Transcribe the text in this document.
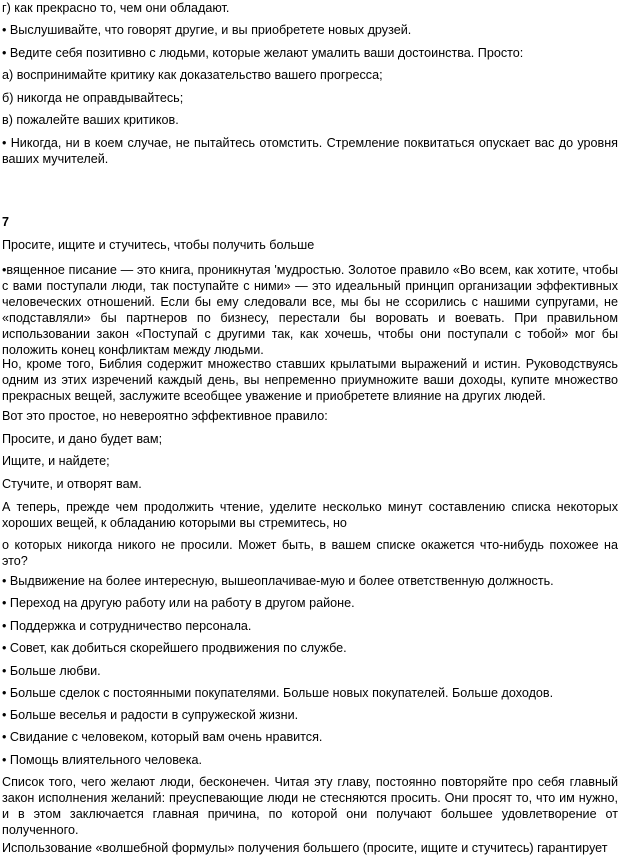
г) как прекрасно то, чем они обладают.

• Выслушивайте, что говорят другие, и вы приобретете новых друзей.

• Ведите себя позитивно с людьми, которые желают умалить ваши достоинства. Просто:

а) воспринимайте критику как доказательство вашего прогресса;

б) никогда не оправдывайтесь;

в) пожалейте ваших критиков.

• Никогда, ни в коем случае, не пытайтесь отомстить. Стремление поквитаться опускает вас до уровня ваших мучителей.

7

Просите, ищите и стучитесь, чтобы получить больше

•вященное писание — это книга, проникнутая 'мудростью. Золотое правило «Во всем, как хотите, чтобы с вами поступали люди, так поступайте с ними» — это идеальный принцип организации эффективных человеческих отношений. Если бы ему следовали все, мы бы не ссорились с нашими супругами, не «подставляли» бы партнеров по бизнесу, перестали бы воровать и воевать. При правильном использовании закон «Поступай с другими так, как хочешь, чтобы они поступали с тобой» мог бы положить конец конфликтам между людьми.

Но, кроме того, Библия содержит множество ставших крылатыми выражений и истин. Руководствуясь одним из этих изречений каждый день, вы непременно приумножите ваши доходы, купите множество прекрасных вещей, заслужите всеобщее уважение и приобретете влияние на других людей.

Вот это простое, но невероятно эффективное правило:

Просите, и дано будет вам;

Ищите, и найдете;

Стучите, и отворят вам.

А теперь, прежде чем продолжить чтение, уделите несколько минут составлению списка некоторых хороших вещей, к обладанию которыми вы стремитесь, но

о которых никогда никого не просили. Может быть, в вашем списке окажется что-нибудь похожее на это?

• Выдвижение на более интересную, вышеоплачивае-мую и более ответственную должность.

• Переход на другую работу или на работу в другом районе.

• Поддержка и сотрудничество персонала.

• Совет, как добиться скорейшего продвижения по службе.

• Больше любви.

• Больше сделок с постоянными покупателями. Больше новых покупателей. Больше доходов.

• Больше веселья и радости в супружеской жизни.

• Свидание с человеком, который вам очень нравится.

• Помощь влиятельного человека.

Список того, чего желают люди, бесконечен. Читая эту главу, постоянно повторяйте про себя главный закон исполнения желаний: преуспевающие люди не стесняются просить. Они просят то, что им нужно, и в этом заключается главная причина, по которой они получают большее удовлетворение от полученного.

Использование «волшебной формулы» получения большего (просите, ищите и стучитесь) гарантирует
